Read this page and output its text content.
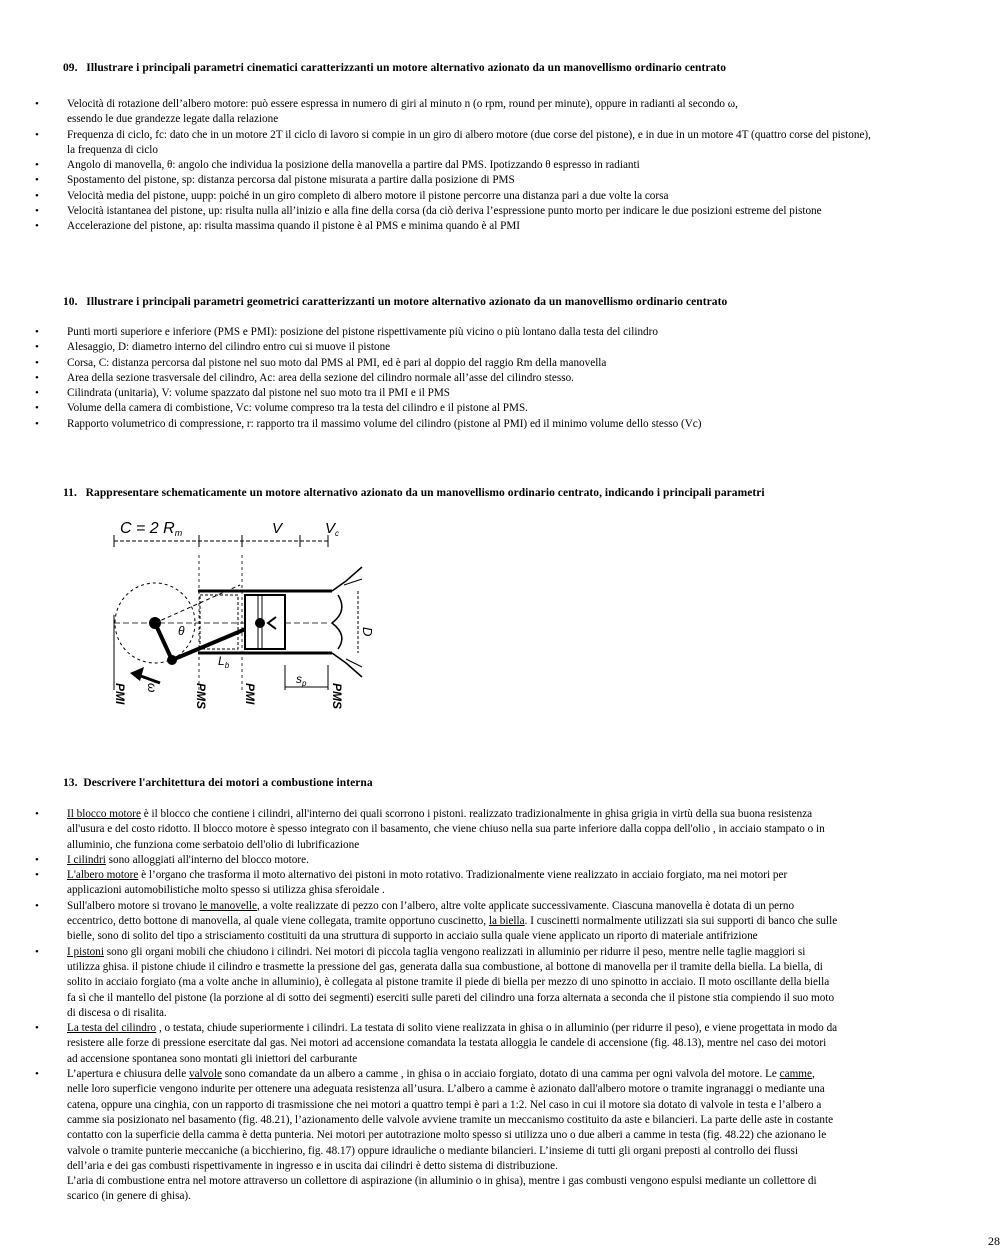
09.   Illustrare i principali parametri cinematici caratterizzanti un motore alternativo azionato da un manovellismo ordinario centrato
•	Velocità di rotazione dell’albero motore: può essere espressa in numero di giri al minuto n (o rpm, round per minute), oppure in radianti al secondo ω,
essendo le due grandezze legate dalla relazione
•	Frequenza di ciclo, fc: dato che in un motore 2T il ciclo di lavoro si compie in un giro di albero motore (due corse del pistone), e in due in un motore 4T (quattro corse del pistone),
la frequenza di ciclo
•	Angolo di manovella, θ: angolo che individua la posizione della manovella a partire dal PMS. Ipotizzando θ espresso in radianti
•	Spostamento del pistone, sp: distanza percorsa dal pistone misurata a partire dalla posizione di PMS
•	Velocità media del pistone, uupp: poiché in un giro completo di albero motore il pistone percorre una distanza pari a due volte la corsa
•	Velocità istantanea del pistone, up: risulta nulla all’inizio e alla fine della corsa (da ciò deriva l’espressione punto morto per indicare le due posizioni estreme del pistone
•	Accelerazione del pistone, ap: risulta massima quando il pistone è al PMS e minima quando è al PMI
10.   Illustrare i principali parametri geometrici caratterizzanti un motore alternativo azionato da un manovellismo ordinario centrato
•	Punti morti superiore e inferiore (PMS e PMI): posizione del pistone rispettivamente più vicino o più lontano dalla testa del cilindro
•	Alesaggio, D: diametro interno del cilindro entro cui si muove il pistone
•	Corsa, C: distanza percorsa dal pistone nel suo moto dal PMS al PMI, ed è pari al doppio del raggio Rm della manovella
•	Area della sezione trasversale del cilindro, Ac: area della sezione del cilindro normale all’asse del cilindro stesso.
•	Cilindrata (unitaria), V: volume spazzato dal pistone nel suo moto tra il PMI e il PMS
•	Volume della camera di combistione, Vc: volume compreso tra la testa del cilindro e il pistone al PMS.
•	Rapporto volumetrico di compressione, r: rapporto tra il massimo volume del cilindro (pistone al PMI) ed il minimo volume dello stesso (Vc)
11.   Rappresentare schematicamente un motore alternativo azionato da un manovellismo ordinario centrato, indicando i principali parametri
C = 2 Rm	V	$V_c$
D
θ
$L_b$
$s_p$
PMI ω	PMS	PMI	PMS
13.  Descrivere l'architettura dei motori a combustione interna
•	Il blocco motore è il blocco che contiene i cilindri, all'interno dei quali scorrono i pistoni. realizzato tradizionalmente in ghisa grigia in virtù della sua buona resistenza
all'usura e del costo ridotto. Il blocco motore è spesso integrato con il basamento, che viene chiuso nella sua parte inferiore dalla coppa dell'olio , in acciaio stampato o in
alluminio, che funziona come serbatoio dell'olio di lubrificazione
•	I cilindri sono alloggiati all'interno del blocco motore.
•	L'albero motore è l’organo che trasforma il moto alternativo dei pistoni in moto rotativo. Tradizionalmente viene realizzato in acciaio forgiato, ma nei motori per
applicazioni automobilistiche molto spesso si utilizza ghisa sferoidale .
•	Sull'albero motore si trovano le manovelle, a volte realizzate di pezzo con l’albero, altre volte applicate successivamente. Ciascuna manovella è dotata di un perno
eccentrico, detto bottone di manovella, al quale viene collegata, tramite opportuno cuscinetto, la biella. I cuscinetti normalmente utilizzati sia sui supporti di banco che sulle
bielle, sono di solito del tipo a strisciamento costituiti da una struttura di supporto in acciaio sulla quale viene applicato un riporto di materiale antifrizione
•	I pistoni sono gli organi mobili che chiudono i cilindri. Nei motori di piccola taglia vengono realizzati in alluminio per ridurre il peso, mentre nelle taglie maggiori si
utilizza ghisa. il pistone chiude il cilindro e trasmette la pressione del gas, generata dalla sua combustione, al bottone di manovella per il tramite della biella. La biella, di
solito in acciaio forgiato (ma a volte anche in alluminio), è collegata al pistone tramite il piede di biella per mezzo di uno spinotto in acciaio. Il moto oscillante della biella
fa sì che il mantello del pistone (la porzione al di sotto dei segmenti) eserciti sulle pareti del cilindro una forza alternata a seconda che il pistone stia compiendo il suo moto
di discesa o di risalita.
•	La testa del cilindro , o testata, chiude superiormente i cilindri. La testata di solito viene realizzata in ghisa o in alluminio (per ridurre il peso), e viene progettata in modo da
resistere alle forze di pressione esercitate dal gas. Nei motori ad accensione comandata la testata alloggia le candele di accensione (fig. 48.13), mentre nel caso dei motori
ad accensione spontanea sono montati gli iniettori del carburante
•	L’apertura e chiusura delle valvole sono comandate da un albero a camme , in ghisa o in acciaio forgiato, dotato di una camma per ogni valvola del motore. Le camme,
nelle loro superficie vengono indurite per ottenere una adeguata resistenza all’usura. L’albero a camme è azionato dall'albero motore o tramite ingranaggi o mediante una
catena, oppure una cinghia, con un rapporto di trasmissione che nei motori a quattro tempi è pari a 1:2. Nel caso in cui il motore sia dotato di valvole in testa e l’albero a
camme sia posizionato nel basamento (fig. 48.21), l’azionamento delle valvole avviene tramite un meccanismo costituito da aste e bilancieri. La parte delle aste in costante
contatto con la superficie della camma è detta punteria. Nei motori per autotrazione molto spesso si utilizza uno o due alberi a camme in testa (fig. 48.22) che azionano le
valvole o tramite punterie meccaniche (a bicchierino, fig. 48.17) oppure idrauliche o mediante bilancieri. L’insieme di tutti gli organi preposti al controllo dei flussi
dell’aria e dei gas combusti rispettivamente in ingresso e in uscita dai cilindri è detto sistema di distribuzione.
L’aria di combustione entra nel motore attraverso un collettore di aspirazione (in alluminio o in ghisa), mentre i gas combusti vengono espulsi mediante un collettore di
scarico (in genere di ghisa).
28
